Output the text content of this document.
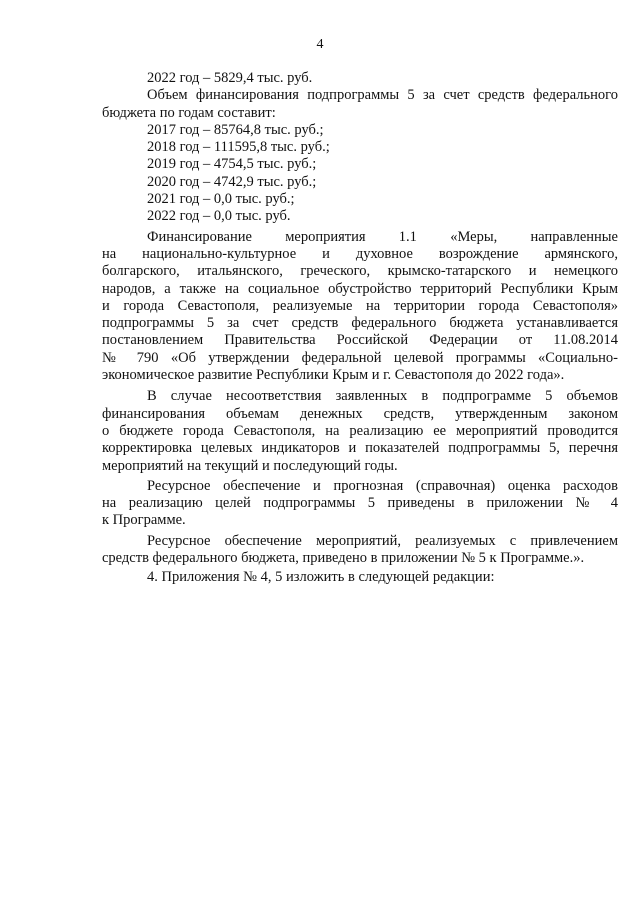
4
2022 год – 5829,4 тыс. руб.
Объем финансирования подпрограммы 5 за счет средств федерального
бюджета по годам составит:
2017 год – 85764,8 тыс. руб.;
2018 год – 111595,8 тыс. руб.;
2019 год – 4754,5 тыс. руб.;
2020 год – 4742,9 тыс. руб.;
2021 год – 0,0 тыс. руб.;
2022 год – 0,0 тыс. руб.
Финансирование мероприятия 1.1 «Меры, направленные
на национально-культурное и духовное возрождение армянского,
болгарского, итальянского, греческого, крымско-татарского и немецкого
народов, а также на социальное обустройство территорий Республики Крым
и города Севастополя, реализуемые на территории города Севастополя»
подпрограммы 5 за счет средств федерального бюджета устанавливается
постановлением Правительства Российской Федерации от 11.08.2014
№ 790 «Об утверждении федеральной целевой программы «Социально-
экономическое развитие Республики Крым и г. Севастополя до 2022 года».
В случае несоответствия заявленных в подпрограмме 5 объемов
финансирования объемам денежных средств, утвержденным законом
о бюджете города Севастополя, на реализацию ее мероприятий проводится
корректировка целевых индикаторов и показателей подпрограммы 5, перечня
мероприятий на текущий и последующий годы.
Ресурсное обеспечение и прогнозная (справочная) оценка расходов
на реализацию целей подпрограммы 5 приведены в приложении № 4
к Программе.
Ресурсное обеспечение мероприятий, реализуемых с привлечением
средств федерального бюджета, приведено в приложении № 5 к Программе.».
4. Приложения № 4, 5 изложить в следующей редакции:
